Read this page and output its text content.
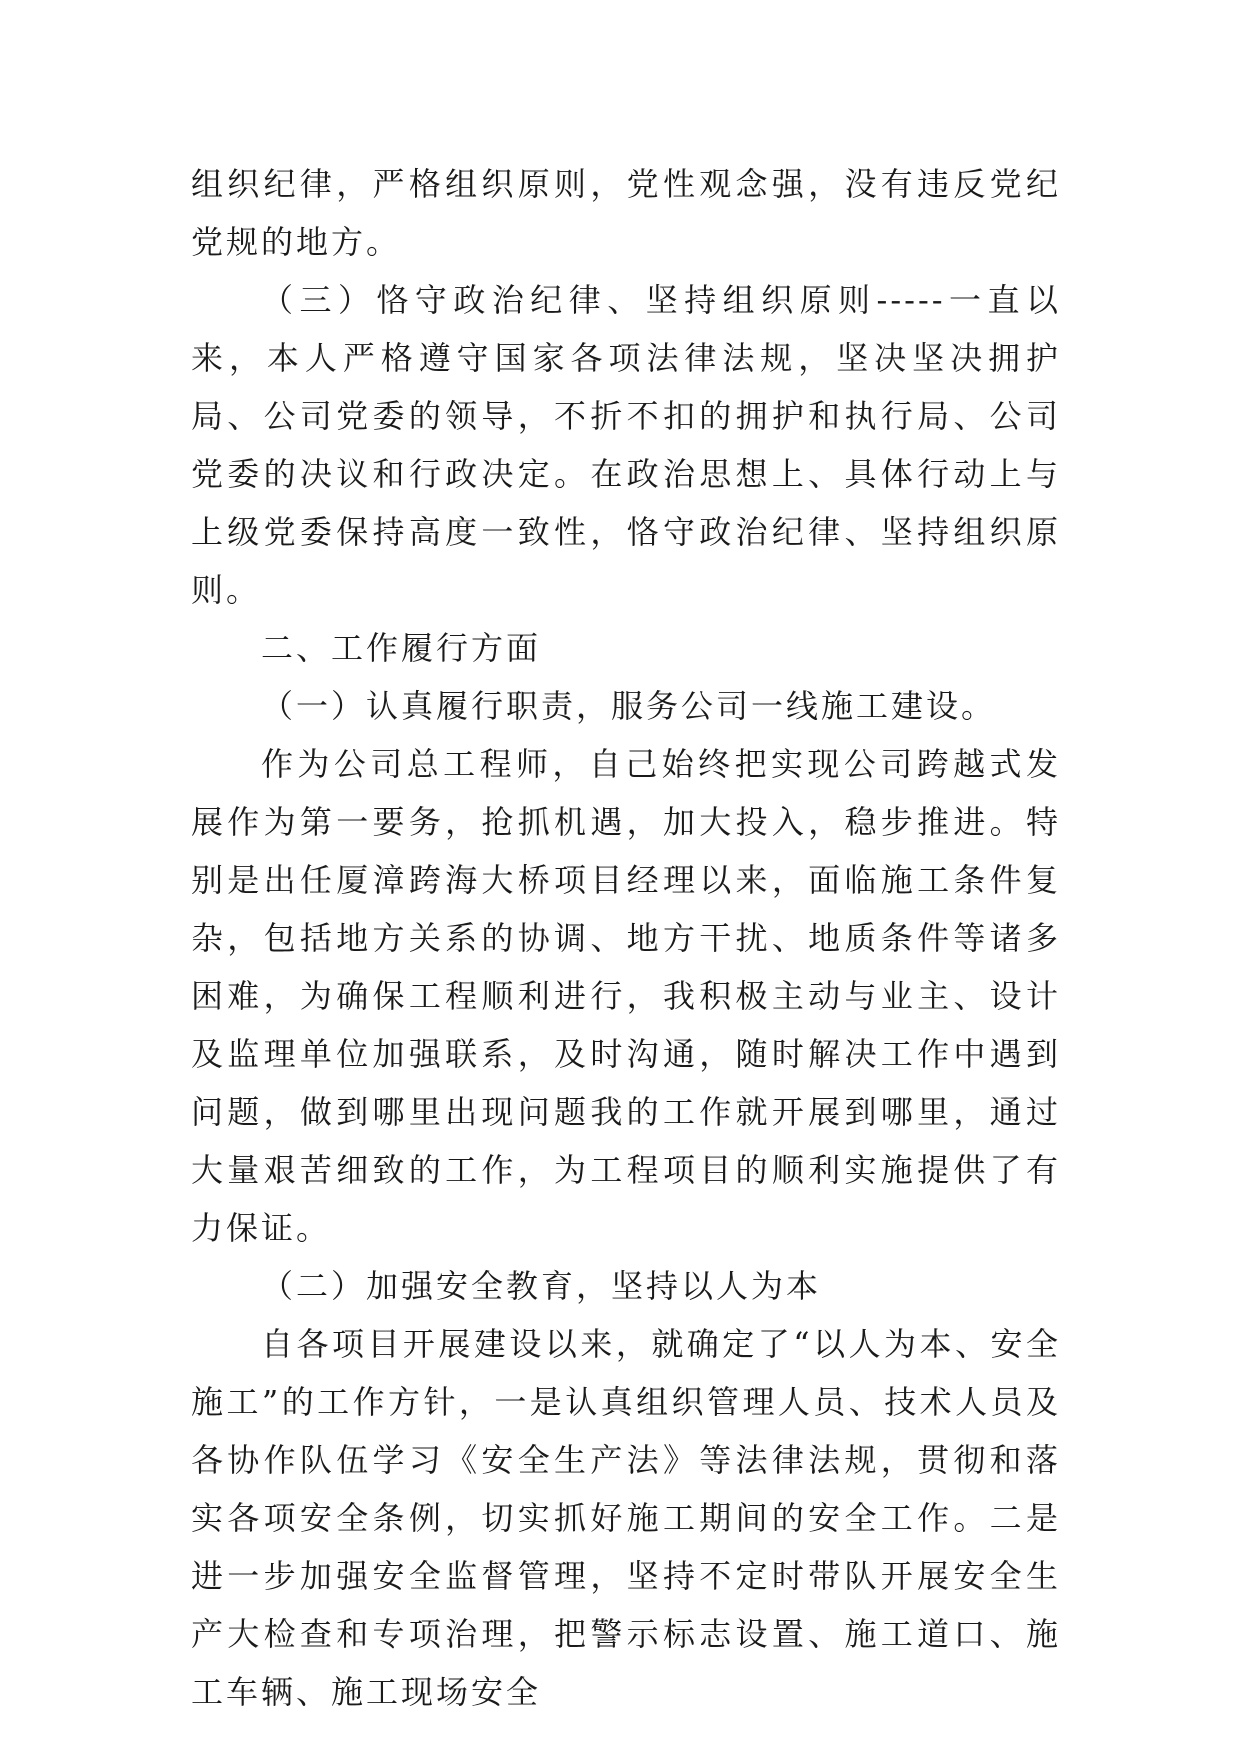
组织纪律，严格组织原则，党性观念强，没有违反党纪党规的地方。

（三）恪守政治纪律、坚持组织原则-----一直以来，本人严格遵守国家各项法律法规，坚决坚决拥护局、公司党委的领导，不折不扣的拥护和执行局、公司党委的决议和行政决定。在政治思想上、具体行动上与上级党委保持高度一致性，恪守政治纪律、坚持组织原则。

二、工作履行方面

（一）认真履行职责，服务公司一线施工建设。

作为公司总工程师，自己始终把实现公司跨越式发展作为第一要务，抢抓机遇，加大投入，稳步推进。特别是出任厦漳跨海大桥项目经理以来，面临施工条件复杂，包括地方关系的协调、地方干扰、地质条件等诸多困难，为确保工程顺利进行，我积极主动与业主、设计及监理单位加强联系，及时沟通，随时解决工作中遇到问题，做到哪里出现问题我的工作就开展到哪里，通过大量艰苦细致的工作，为工程项目的顺利实施提供了有力保证。

（二）加强安全教育，坚持以人为本

自各项目开展建设以来，就确定了“以人为本、安全施工”的工作方针，一是认真组织管理人员、技术人员及各协作队伍学习《安全生产法》等法律法规，贯彻和落实各项安全条例，切实抓好施工期间的安全工作。二是进一步加强安全监督管理，坚持不定时带队开展安全生产大检查和专项治理，把警示标志设置、施工道口、施工车辆、施工现场安全
